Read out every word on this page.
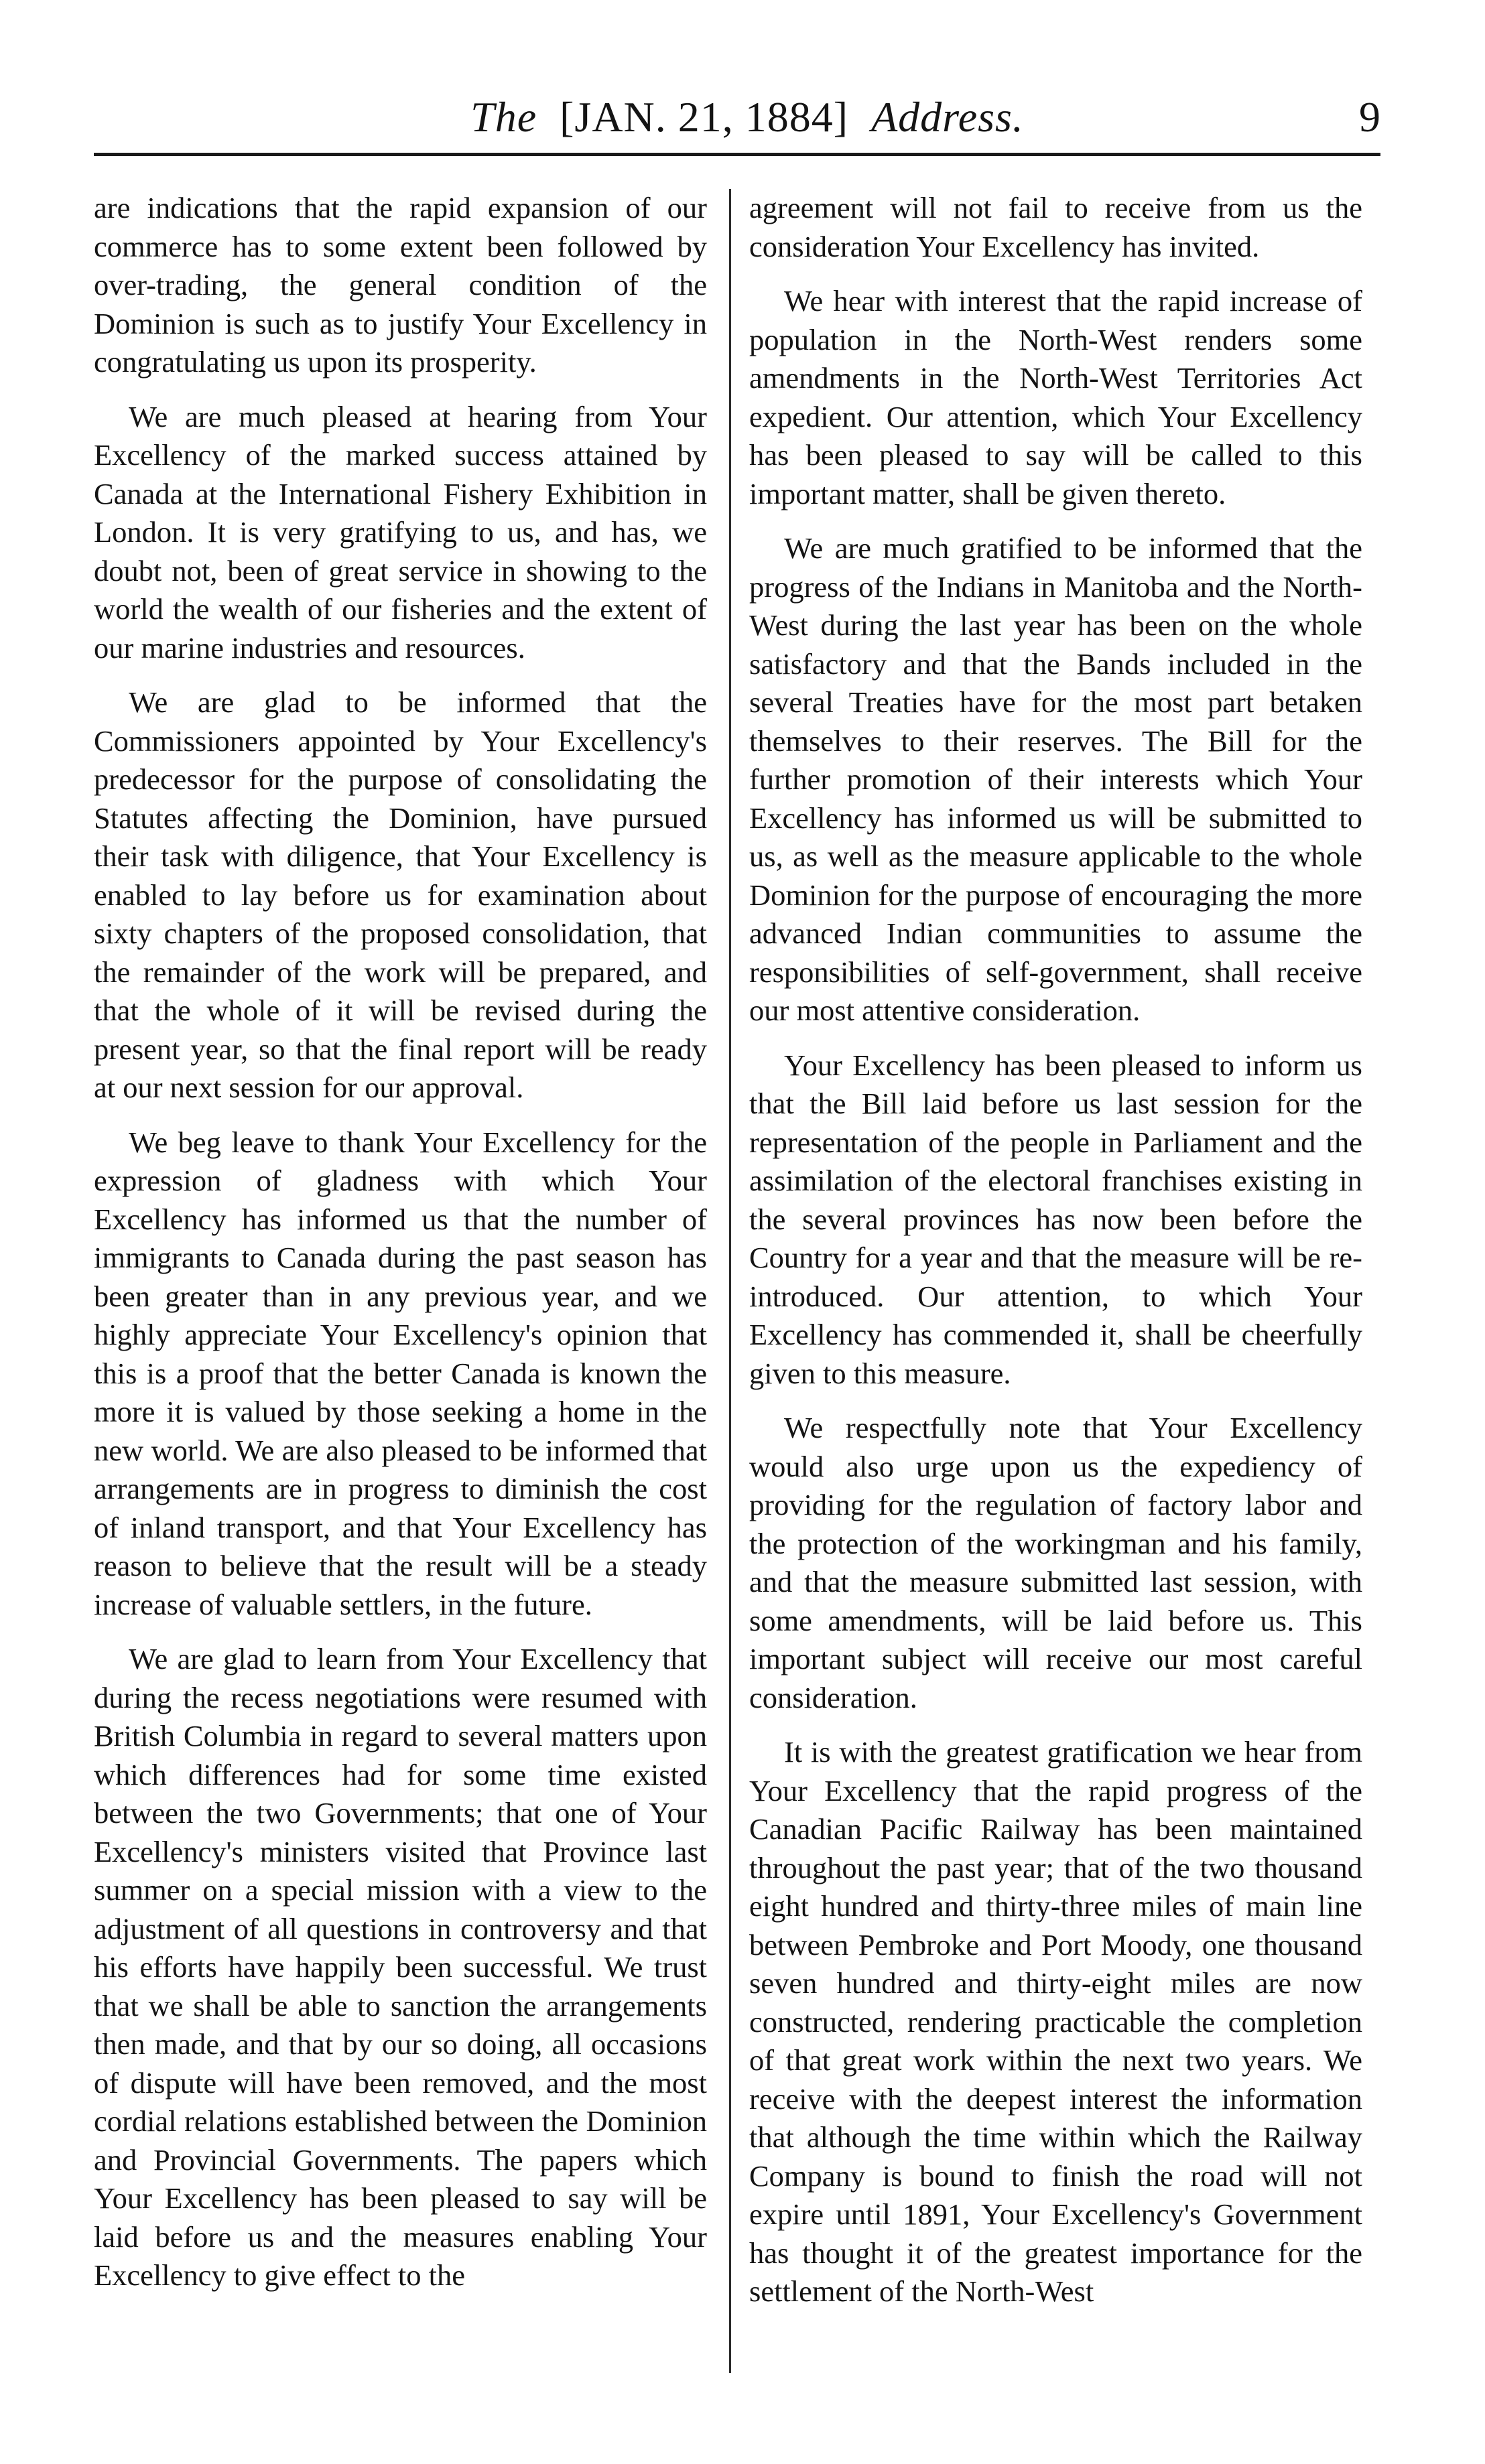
The [JAN. 21, 1884] Address.	9

are indications that the rapid expansion of our commerce has to some extent been followed by over-trading, the general condition of the Dominion is such as to justify Your Excellency in congratulating us upon its prosperity.

We are much pleased at hearing from Your Excellency of the marked success attained by Canada at the International Fishery Exhibition in London. It is very gratifying to us, and has, we doubt not, been of great service in showing to the world the wealth of our fisheries and the extent of our marine industries and resources.

We are glad to be informed that the Commissioners appointed by Your Excellency's predecessor for the purpose of consolidating the Statutes affecting the Dominion, have pursued their task with diligence, that Your Excellency is enabled to lay before us for examination about sixty chapters of the proposed consolidation, that the remainder of the work will be prepared, and that the whole of it will be revised during the present year, so that the final report will be ready at our next session for our approval.

We beg leave to thank Your Excellency for the expression of gladness with which Your Excellency has informed us that the number of immigrants to Canada during the past season has been greater than in any previous year, and we highly appreciate Your Excellency's opinion that this is a proof that the better Canada is known the more it is valued by those seeking a home in the new world. We are also pleased to be informed that arrangements are in progress to diminish the cost of inland transport, and that Your Excellency has reason to believe that the result will be a steady increase of valuable settlers, in the future.

We are glad to learn from Your Excellency that during the recess negotiations were resumed with British Columbia in regard to several matters upon which differences had for some time existed between the two Governments; that one of Your Excellency's ministers visited that Province last summer on a special mission with a view to the adjustment of all questions in controversy and that his efforts have happily been successful. We trust that we shall be able to sanction the arrangements then made, and that by our so doing, all occasions of dispute will have been removed, and the most cordial relations established between the Dominion and Provincial Governments. The papers which Your Excellency has been pleased to say will be laid before us and the measures enabling Your Excellency to give effect to the

agreement will not fail to receive from us the consideration Your Excellency has invited.

We hear with interest that the rapid increase of population in the North-West renders some amendments in the North-West Territories Act expedient. Our attention, which Your Excellency has been pleased to say will be called to this important matter, shall be given thereto.

We are much gratified to be informed that the progress of the Indians in Manitoba and the North-West during the last year has been on the whole satisfactory and that the Bands included in the several Treaties have for the most part betaken themselves to their reserves. The Bill for the further promotion of their interests which Your Excellency has informed us will be submitted to us, as well as the measure applicable to the whole Dominion for the purpose of encouraging the more advanced Indian communities to assume the responsibilities of self-government, shall receive our most attentive consideration.

Your Excellency has been pleased to inform us that the Bill laid before us last session for the representation of the people in Parliament and the assimilation of the electoral franchises existing in the several provinces has now been before the Country for a year and that the measure will be re-introduced. Our attention, to which Your Excellency has commended it, shall be cheerfully given to this measure.

We respectfully note that Your Excellency would also urge upon us the expediency of providing for the regulation of factory labor and the protection of the workingman and his family, and that the measure submitted last session, with some amendments, will be laid before us. This important subject will receive our most careful consideration.

It is with the greatest gratification we hear from Your Excellency that the rapid progress of the Canadian Pacific Railway has been maintained throughout the past year; that of the two thousand eight hundred and thirty-three miles of main line between Pembroke and Port Moody, one thousand seven hundred and thirty-eight miles are now constructed, rendering practicable the completion of that great work within the next two years. We receive with the deepest interest the information that although the time within which the Railway Company is bound to finish the road will not expire until 1891, Your Excellency's Government has thought it of the greatest importance for the settlement of the North-West
